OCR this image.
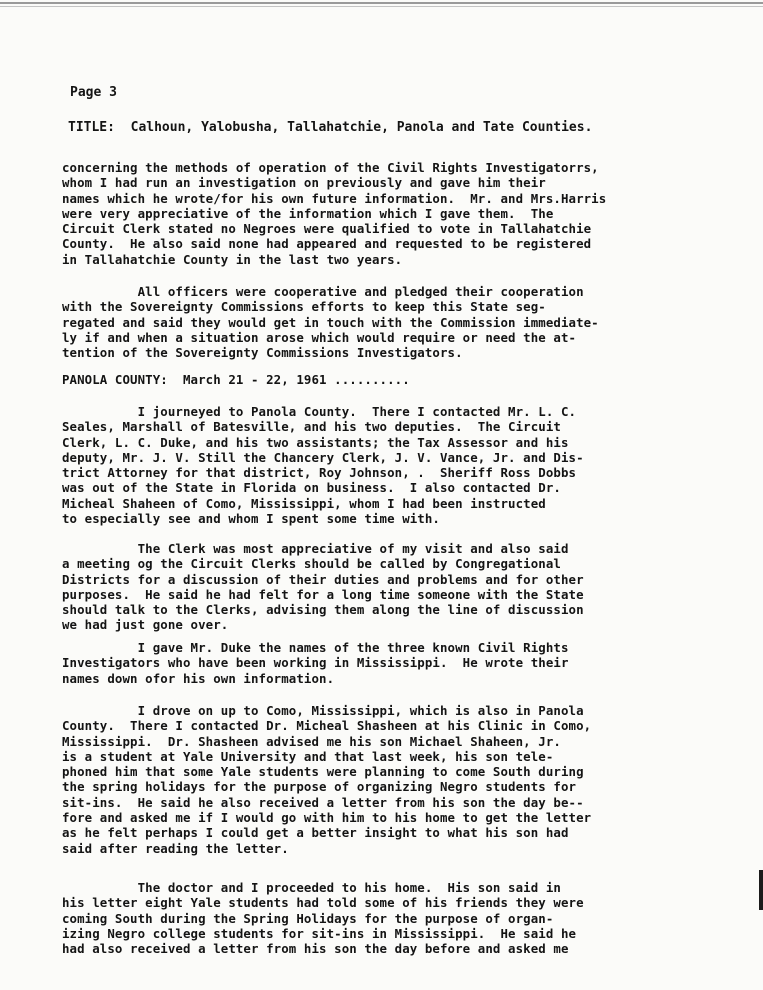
Page 3
TITLE: Calhoun, Yalobusha, Tallahatchie, Panola and Tate Counties.
concerning the methods of operation of the Civil Rights Investigatorrs,
whom I had run an investigation on previously and gave him their
names which he wrote/for his own future information.  Mr. and Mrs.Harris
were very appreciative of the information which I gave them.  The
Circuit Clerk stated no Negroes were qualified to vote in Tallahatchie
County.  He also said none had appeared and requested to be registered
in Tallahatchie County in the last two years.
All officers were cooperative and pledged their cooperation
with the Sovereignty Commissions efforts to keep this State seg-
regated and said they would get in touch with the Commission immediate-
ly if and when a situation arose which would require or need the at-
tention of the Sovereignty Commissions Investigators.
PANOLA COUNTY:  March 21 - 22, 1961 ..........
I journeyed to Panola County.  There I contacted Mr. L. C.
Seales, Marshall of Batesville, and his two deputies.  The Circuit
Clerk, L. C. Duke, and his two assistants; the Tax Assessor and his
deputy, Mr. J. V. Still the Chancery Clerk, J. V. Vance, Jr. and Dis-
trict Attorney for that district, Roy Johnson, .  Sheriff Ross Dobbs
was out of the State in Florida on business.  I also contacted Dr.
Micheal Shaheen of Como, Mississippi, whom I had been instructed
to especially see and whom I spent some time with.
The Clerk was most appreciative of my visit and also said
a meeting og the Circuit Clerks should be called by Congregational
Districts for a discussion of their duties and problems and for other
purposes.  He said he had felt for a long time someone with the State
should talk to the Clerks, advising them along the line of discussion
we had just gone over.
I gave Mr. Duke the names of the three known Civil Rights
Investigators who have been working in Mississippi.  He wrote their
names down ofor his own information.
I drove on up to Como, Mississippi, which is also in Panola
County.  There I contacted Dr. Micheal Shasheen at his Clinic in Como,
Mississippi.  Dr. Shasheen advised me his son Michael Shaheen, Jr.
is a student at Yale University and that last week, his son tele-
phoned him that some Yale students were planning to come South during
the spring holidays for the purpose of organizing Negro students for
sit-ins.  He said he also received a letter from his son the day be--
fore and asked me if I would go with him to his home to get the letter
as he felt perhaps I could get a better insight to what his son had
said after reading the letter.
The doctor and I proceeded to his home.  His son said in
his letter eight Yale students had told some of his friends they were
coming South during the Spring Holidays for the purpose of organ-
izing Negro college students for sit-ins in Mississippi.  He said he
had also received a letter from his son the day before and asked me
